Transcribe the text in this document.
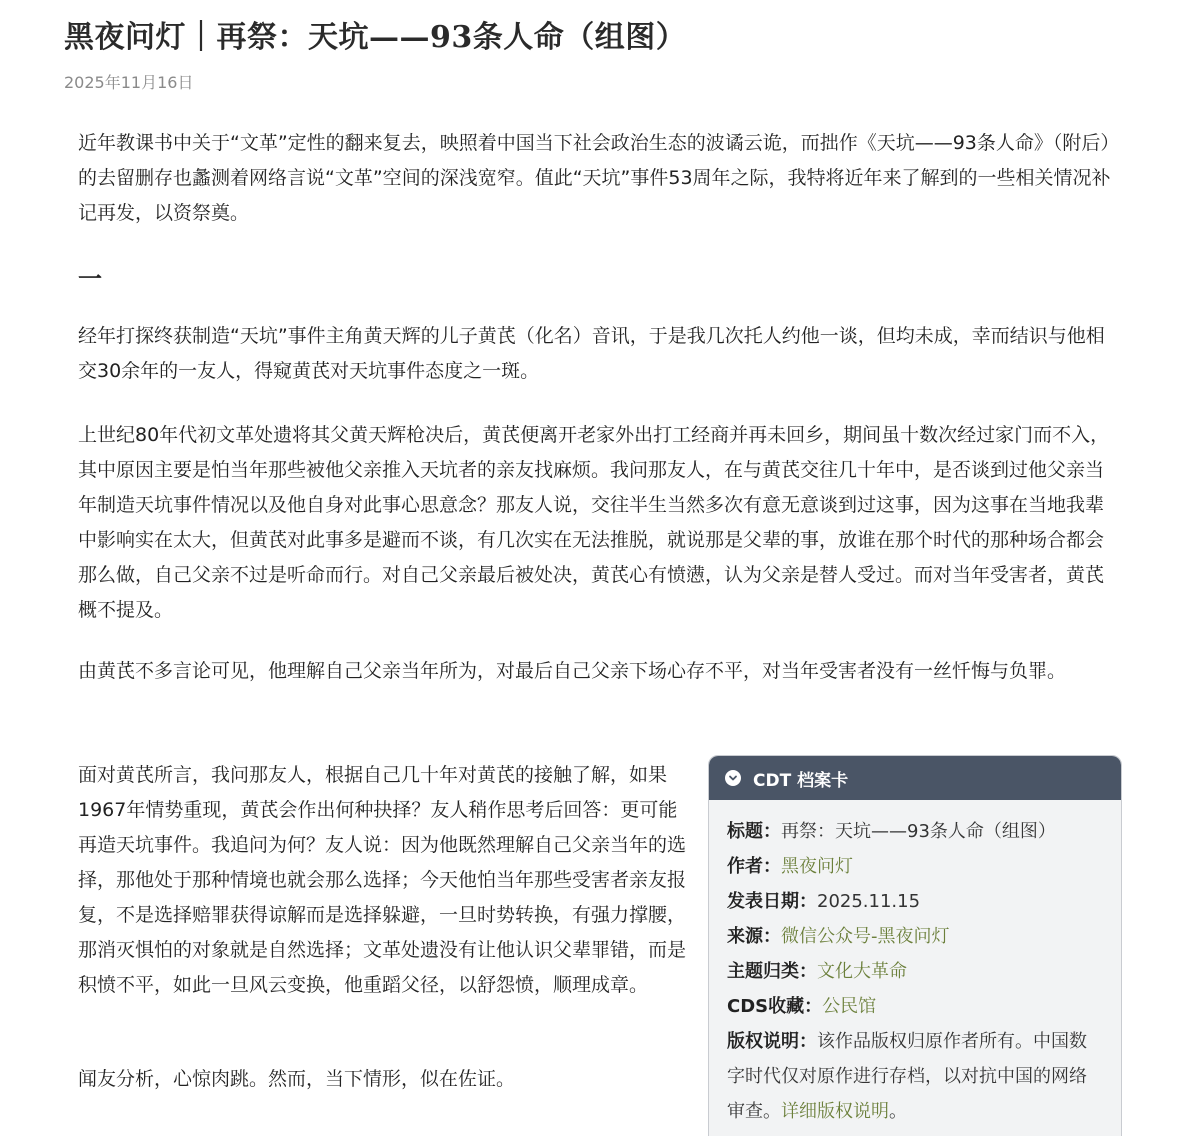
黑夜问灯｜再祭：天坑——93条人命（组图）
2025年11月16日

近年教课书中关于“文革”定性的翻来复去，映照着中国当下社会政治生态的波谲云诡，而拙作《天坑——93条人命》（附后）的去留删存也蠡测着网络言说“文革”空间的深浅宽窄。值此“天坑”事件53周年之际，我特将近年来了解到的一些相关情况补记再发，以资祭奠。

一

经年打探终获制造“天坑”事件主角黄天辉的儿子黄芪（化名）音讯，于是我几次托人约他一谈，但均未成，幸而结识与他相交30余年的一友人，得窥黄芪对天坑事件态度之一斑。

上世纪80年代初文革处遗将其父黄天辉枪决后，黄芪便离开老家外出打工经商并再未回乡，期间虽十数次经过家门而不入，其中原因主要是怕当年那些被他父亲推入天坑者的亲友找麻烦。我问那友人，在与黄芪交往几十年中，是否谈到过他父亲当年制造天坑事件情况以及他自身对此事心思意念？那友人说，交往半生当然多次有意无意谈到过这事，因为这事在当地我辈中影响实在太大，但黄芪对此事多是避而不谈，有几次实在无法推脱，就说那是父辈的事，放谁在那个时代的那种场合都会那么做，自己父亲不过是听命而行。对自己父亲最后被处决，黄芪心有愤懑，认为父亲是替人受过。而对当年受害者，黄芪概不提及。

由黄芪不多言论可见，他理解自己父亲当年所为，对最后自己父亲下场心存不平，对当年受害者没有一丝忏悔与负罪。

面对黄芪所言，我问那友人，根据自己几十年对黄芪的接触了解，如果1967年情势重现，黄芪会作出何种抉择？友人稍作思考后回答：更可能再造天坑事件。我追问为何？友人说：因为他既然理解自己父亲当年的选择，那他处于那种情境也就会那么选择；今天他怕当年那些受害者亲友报复，不是选择赔罪获得谅解而是选择躲避，一旦时势转换，有强力撑腰，那消灭惧怕的对象就是自然选择；文革处遗没有让他认识父辈罪错，而是积愤不平，如此一旦风云变换，他重蹈父径，以舒怨愤，顺理成章。

闻友分析，心惊肉跳。然而，当下情形，似在佐证。

CDT 档案卡
标题：再祭：天坑——93条人命（组图）
作者：黑夜问灯
发表日期：2025.11.15
来源：微信公众号-黑夜问灯
主题归类：文化大革命
CDS收藏：公民馆
版权说明：该作品版权归原作者所有。中国数字时代仅对原作进行存档，以对抗中国的网络审查。详细版权说明。
